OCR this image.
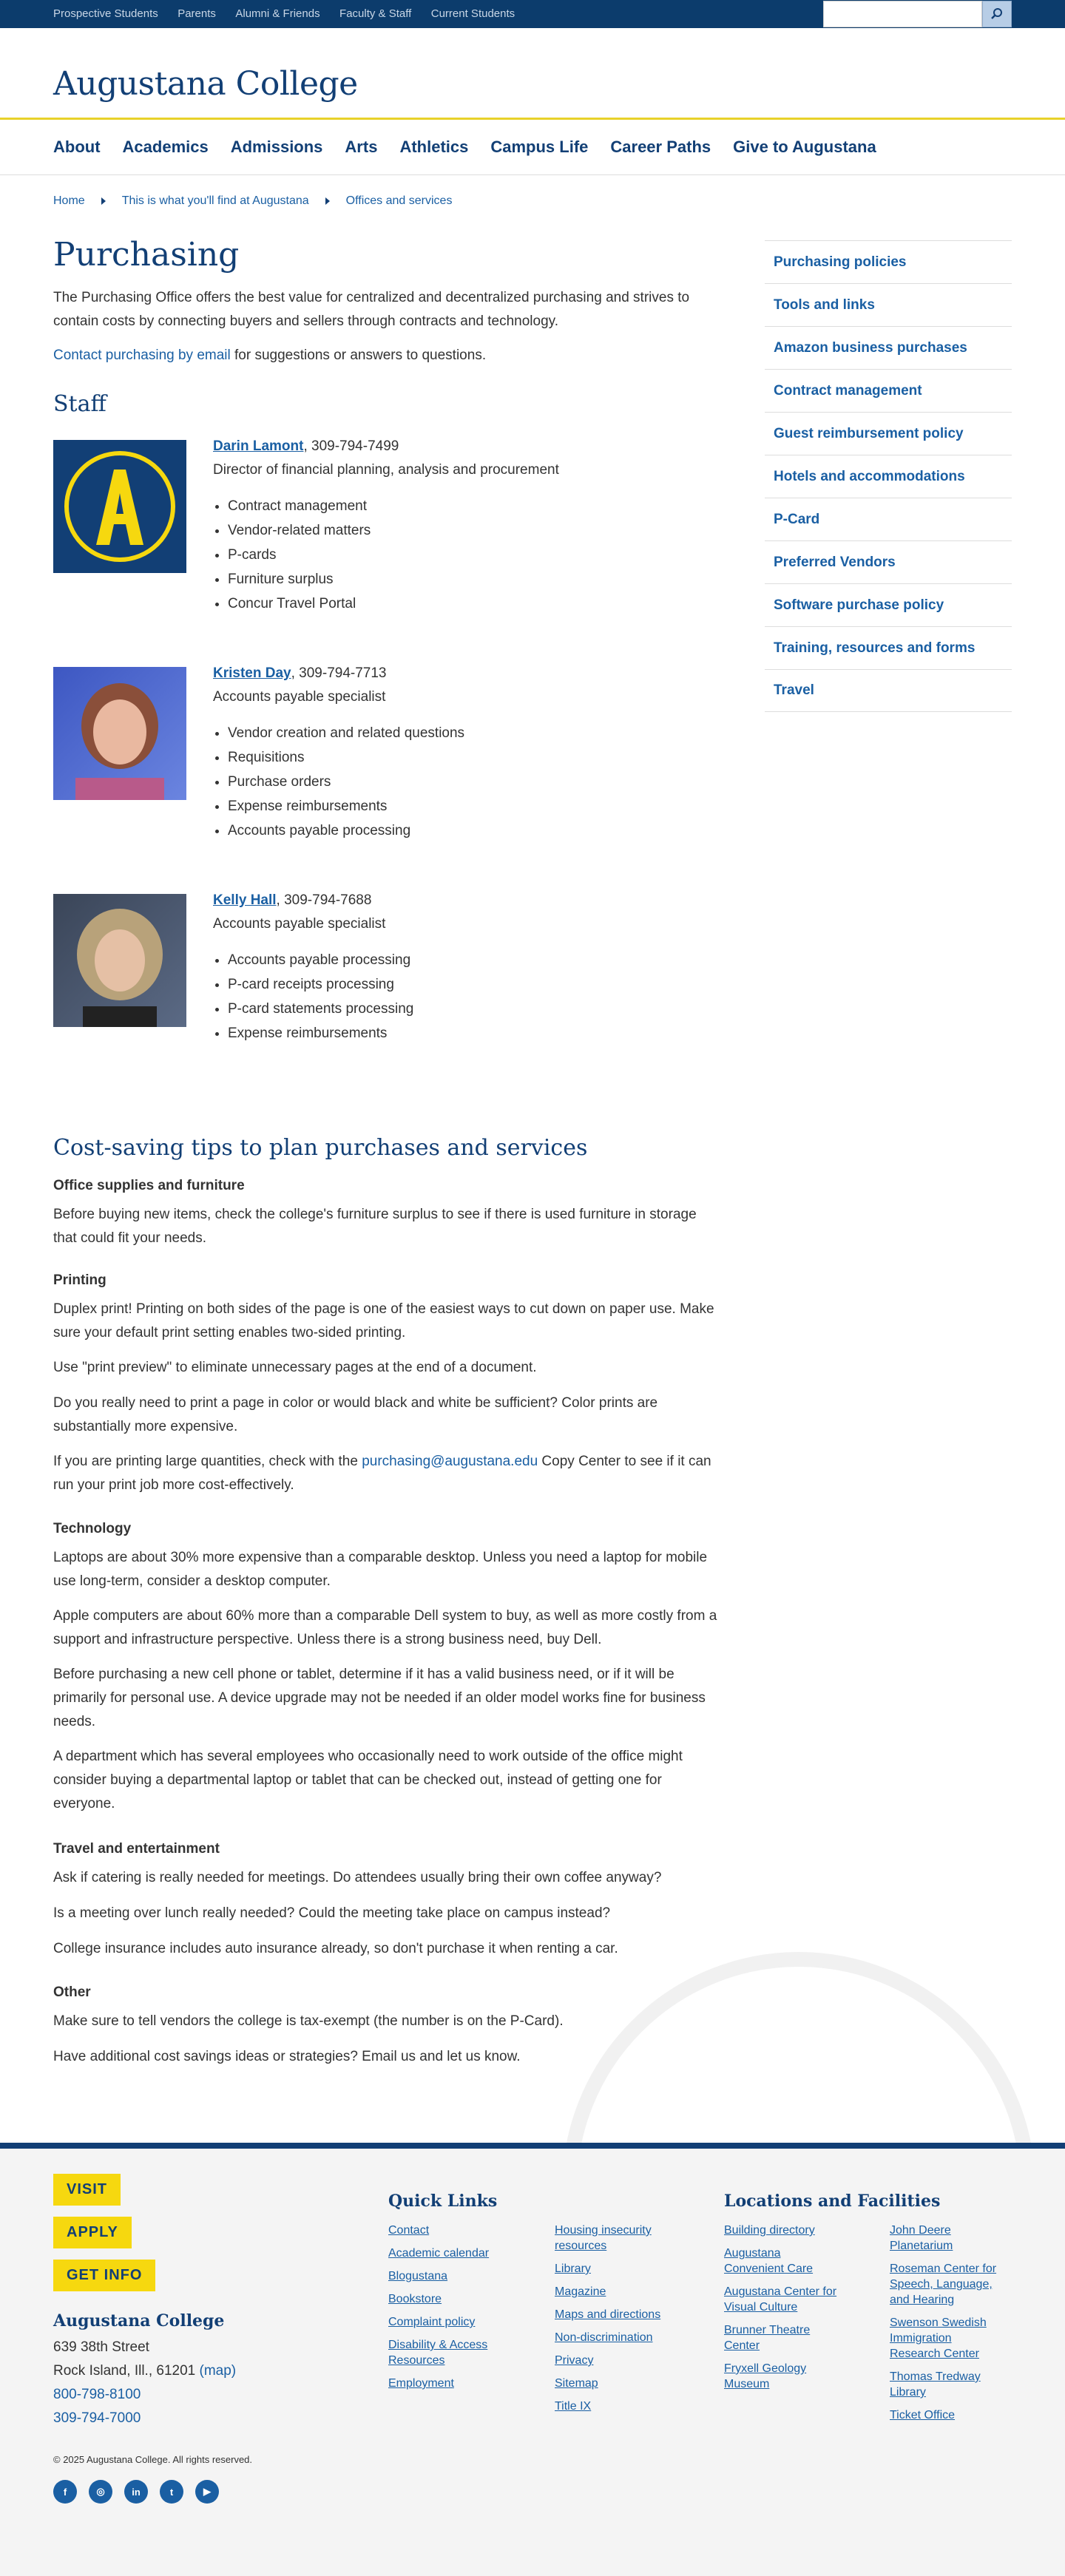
Prospective Students Parents Alumni & Friends Faculty & Staff Current Students
Augustana College
About Academics Admissions Arts Athletics Campus Life Career Paths Give to Augustana
Home	This is what you'll find at Augustana	Offices and services
Purchasing

The Purchasing Office offers the best value for centralized and decentralized purchasing and strives to contain costs by connecting buyers and sellers through contracts and technology.

Contact purchasing by email for suggestions or answers to questions.

Staff
Darin Lamont, 309-794-7499
Director of financial planning, analysis and procurement
• Contract management
• Vendor-related matters
• P-cards
• Furniture surplus
• Concur Travel Portal
Kristen Day, 309-794-7713
Accounts payable specialist
• Vendor creation and related questions
• Requisitions
• Purchase orders
• Expense reimbursements
• Accounts payable processing
Kelly Hall, 309-794-7688
Accounts payable specialist
• Accounts payable processing
• P-card receipts processing
• P-card statements processing
• Expense reimbursements
Cost-saving tips to plan purchases and services
Office supplies and furniture

Before buying new items, check the college's furniture surplus to see if there is used furniture in storage that could fit your needs.

Printing

Duplex print! Printing on both sides of the page is one of the easiest ways to cut down on paper use. Make sure your default print setting enables two-sided printing.

Use "print preview" to eliminate unnecessary pages at the end of a document.

Do you really need to print a page in color or would black and white be sufficient? Color prints are substantially more expensive.

If you are printing large quantities, check with the purchasing@augustana.edu Copy Center to see if it can run your print job more cost-effectively.

Technology

Laptops are about 30% more expensive than a comparable desktop. Unless you need a laptop for mobile use long-term, consider a desktop computer.

Apple computers are about 60% more than a comparable Dell system to buy, as well as more costly from a support and infrastructure perspective. Unless there is a strong business need, buy Dell.

Before purchasing a new cell phone or tablet, determine if it has a valid business need, or if it will be primarily for personal use. A device upgrade may not be needed if an older model works fine for business needs.

A department which has several employees who occasionally need to work outside of the office might consider buying a departmental laptop or tablet that can be checked out, instead of getting one for everyone.

Travel and entertainment

Ask if catering is really needed for meetings. Do attendees usually bring their own coffee anyway?

Is a meeting over lunch really needed? Could the meeting take place on campus instead?

College insurance includes auto insurance already, so don't purchase it when renting a car.

Other

Make sure to tell vendors the college is tax-exempt (the number is on the P-Card).

Have additional cost savings ideas or strategies? Email us and let us know.

Purchasing policies
Tools and links
Amazon business purchases
Contract management
Guest reimbursement policy
Hotels and accommodations
P-Card
Preferred Vendors
Software purchase policy
Training, resources and forms
Travel
VISIT
APPLY
GET INFO
Augustana College
639 38th Street
Rock Island, Ill., 61201 (map)
800-798-8100
309-794-7000
© 2025 Augustana College. All rights reserved.
Quick Links
Contact
Academic calendar
Blogustana
Bookstore
Complaint policy
Disability & Access Resources
Employment
Housing insecurity resources
Library
Magazine
Maps and directions
Non-discrimination
Privacy
Sitemap
Title IX
Locations and Facilities
Building directory
Augustana Convenient Care
Augustana Center for Visual Culture
Brunner Theatre Center
Fryxell Geology Museum
John Deere Planetarium
Roseman Center for Speech, Language, and Hearing
Swenson Swedish Immigration Research Center
Thomas Tredway Library
Ticket Office
f	◎	in	t	▶
